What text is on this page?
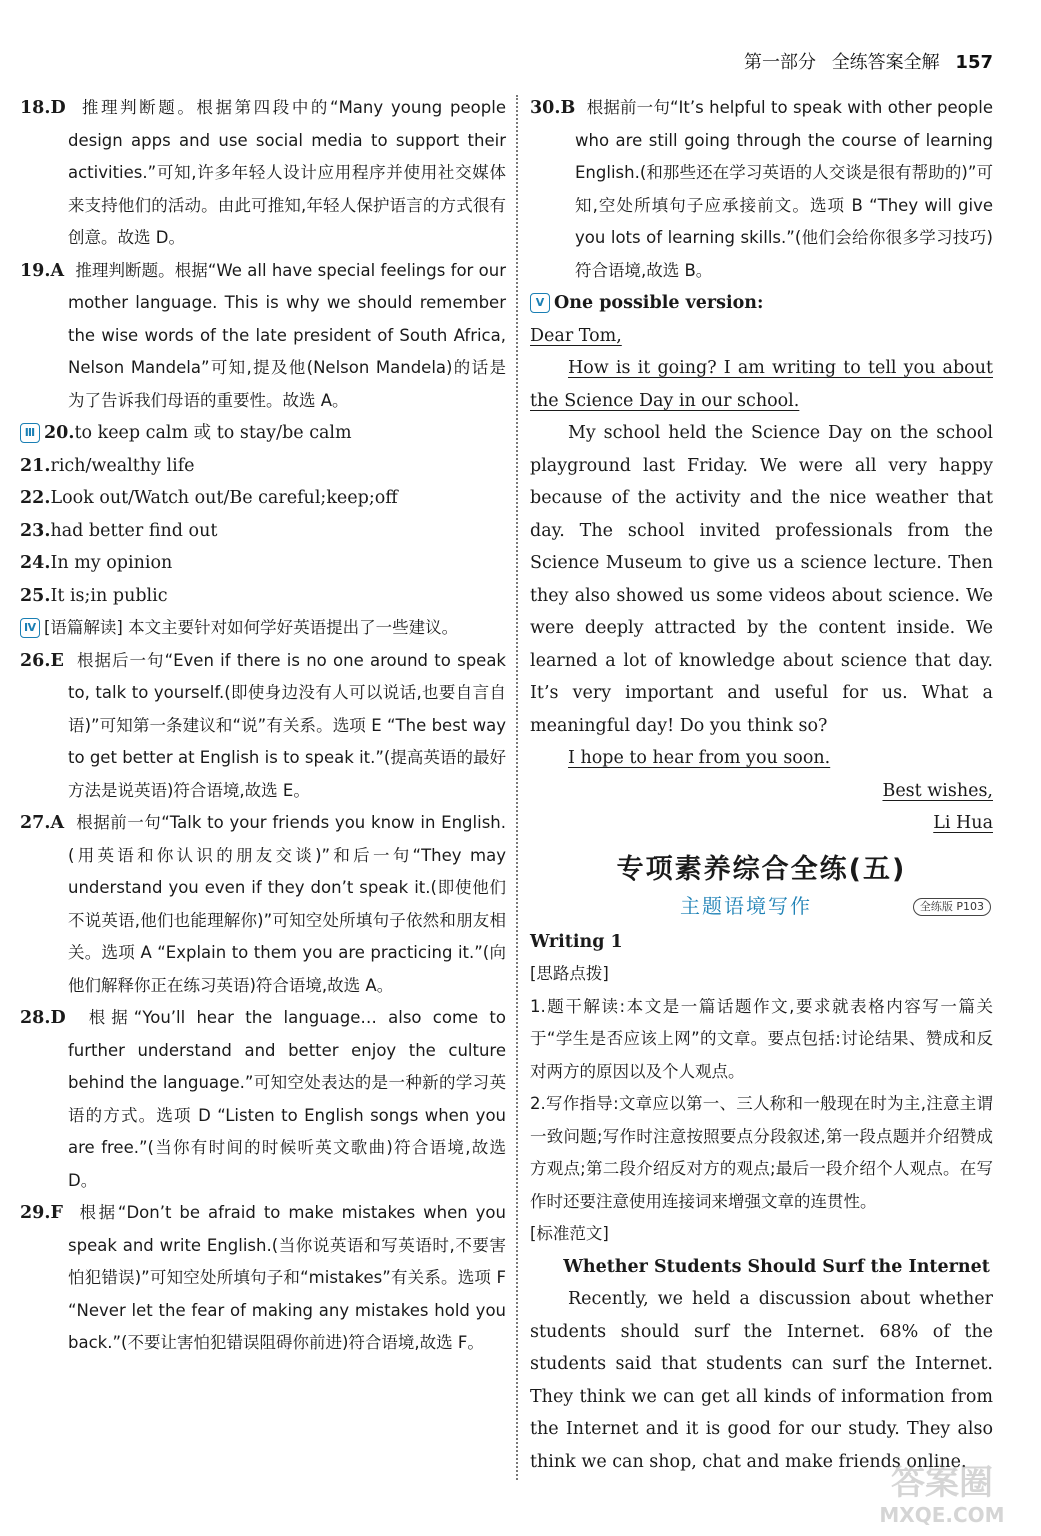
第一部分 全练答案全解 157
18.D 推理判断题。根据第四段中的“Many young people design apps and use social media to support their activities.”可知,许多年轻人设计应用程序并使用社交媒体来支持他们的活动。由此可推知,年轻人保护语言的方式很有创意。故选 D。
19.A 推理判断题。根据“We all have special feelings for our mother language. This is why we should remember the wise words of the late president of South Africa, Nelson Mandela”可知,提及他(Nelson Mandela)的话是为了告诉我们母语的重要性。故选 A。
Ⅲ 20.to keep calm 或 to stay/be calm
21.rich/wealthy life
22.Look out/Watch out/Be careful;keep;off
23.had better find out
24.In my opinion
25.It is;in public
Ⅳ [语篇解读] 本文主要针对如何学好英语提出了一些建议。
26.E 根据后一句“Even if there is no one around to speak to, talk to yourself.(即使身边没有人可以说话,也要自言自语)”可知第一条建议和“说”有关系。选项 E “The best way to get better at English is to speak it.”(提高英语的最好方法是说英语)符合语境,故选 E。
27.A 根据前一句“Talk to your friends you know in English.(用英语和你认识的朋友交谈)”和后一句“They may understand you even if they don’t speak it.(即使他们不说英语,他们也能理解你)”可知空处所填句子依然和朋友相关。选项 A “Explain to them you are practicing it.”(向他们解释你正在练习英语)符合语境,故选 A。
28.D 根据“You’ll hear the language… also come to further understand and better enjoy the culture behind the language.”可知空处表达的是一种新的学习英语的方式。选项 D “Listen to English songs when you are free.”(当你有时间的时候听英文歌曲)符合语境,故选 D。
29.F 根据“Don’t be afraid to make mistakes when you speak and write English.(当你说英语和写英语时,不要害怕犯错误)”可知空处所填句子和“mistakes”有关系。选项 F “Never let the fear of making any mistakes hold you back.”(不要让害怕犯错误阻碍你前进)符合语境,故选 F。
30.B 根据前一句“It’s helpful to speak with other people who are still going through the course of learning English.(和那些还在学习英语的人交谈是很有帮助的)”可知,空处所填句子应承接前文。选项 B “They will give you lots of learning skills.”(他们会给你很多学习技巧)符合语境,故选 B。
Ⅴ One possible version:
Dear Tom,
How is it going? I am writing to tell you about the Science Day in our school.
My school held the Science Day on the school playground last Friday. We were all very happy because of the activity and the nice weather that day. The school invited professionals from the Science Museum to give us a science lecture. Then they also showed us some videos about science. We were deeply attracted by the content inside. We learned a lot of knowledge about science that day. It’s very important and useful for us. What a meaningful day! Do you think so?
I hope to hear from you soon.
Best wishes,
Li Hua
专项素养综合全练(五)
主题语境写作	全练版 P103
Writing 1
[思路点拨]
1.题干解读:本文是一篇话题作文,要求就表格内容写一篇关于“学生是否应该上网”的文章。要点包括:讨论结果、赞成和反对两方的原因以及个人观点。
2.写作指导:文章应以第一、三人称和一般现在时为主,注意主谓一致问题;写作时注意按照要点分段叙述,第一段点题并介绍赞成方观点;第二段介绍反对方的观点;最后一段介绍个人观点。在写作时还要注意使用连接词来增强文章的连贯性。
[标准范文]
Whether Students Should Surf the Internet
Recently, we held a discussion about whether students should surf the Internet. 68% of the students said that students can surf the Internet. They think we can get all kinds of information from the Internet and it is good for our study. They also think we can shop, chat and make friends online.
答案圈
MXQE.COM
